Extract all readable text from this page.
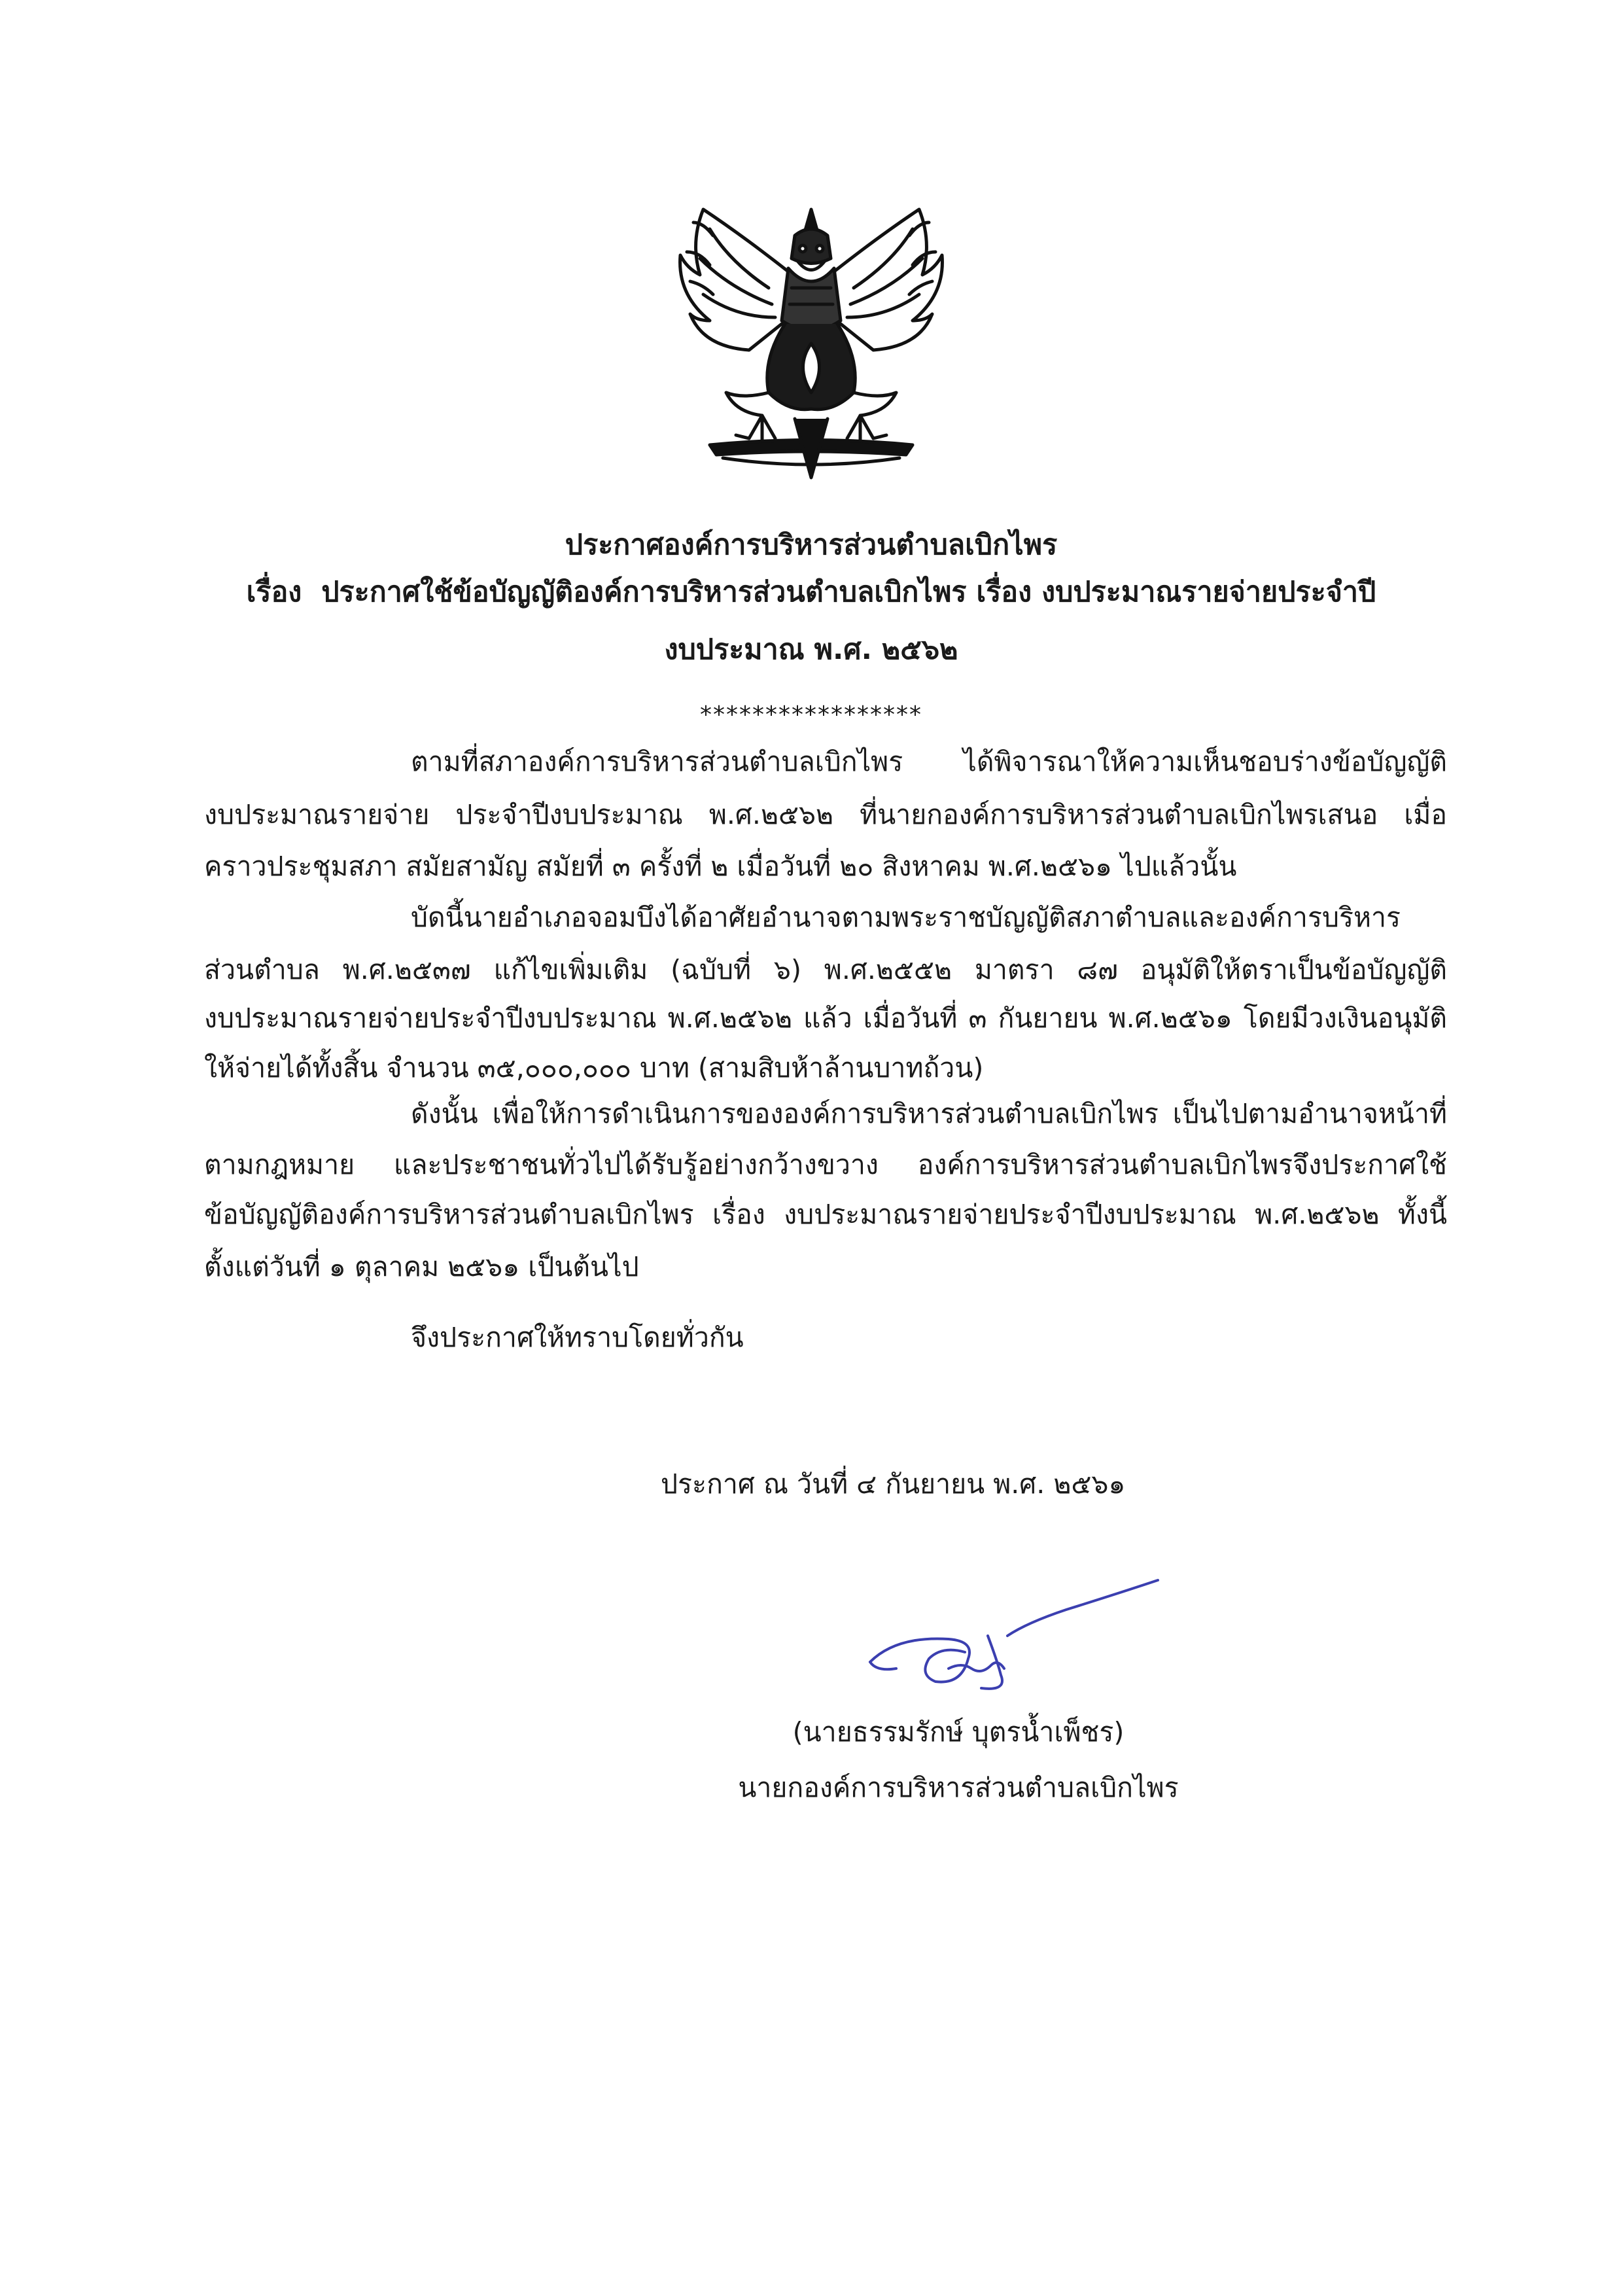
ประกาศองค์การบริหารส่วนตำบลเบิกไพร
เรื่อง ประกาศใช้ข้อบัญญัติองค์การบริหารส่วนตำบลเบิกไพร เรื่อง งบประมาณรายจ่ายประจำปี
งบประมาณ พ.ศ. ๒๕๖๒
*****************
ตามที่สภาองค์การบริหารส่วนตำบลเบิกไพร ได้พิจารณาให้ความเห็นชอบร่างข้อบัญญัติ
งบประมาณรายจ่าย ประจำปีงบประมาณ พ.ศ.๒๕๖๒ ที่นายกองค์การบริหารส่วนตำบลเบิกไพรเสนอ เมื่อ
คราวประชุมสภา สมัยสามัญ สมัยที่ ๓ ครั้งที่ ๒ เมื่อวันที่ ๒๐ สิงหาคม พ.ศ.๒๕๖๑ ไปแล้วนั้น
บัดนี้นายอำเภอจอมบึงได้อาศัยอำนาจตามพระราชบัญญัติสภาตำบลและองค์การบริหาร
ส่วนตำบล พ.ศ.๒๕๓๗ แก้ไขเพิ่มเติม (ฉบับที่ ๖) พ.ศ.๒๕๕๒ มาตรา ๘๗ อนุมัติให้ตราเป็นข้อบัญญัติ
งบประมาณรายจ่ายประจำปีงบประมาณ พ.ศ.๒๕๖๒ แล้ว เมื่อวันที่ ๓ กันยายน พ.ศ.๒๕๖๑ โดยมีวงเงินอนุมัติ
ให้จ่ายได้ทั้งสิ้น จำนวน ๓๕,๐๐๐,๐๐๐ บาท (สามสิบห้าล้านบาทถ้วน)
ดังนั้น เพื่อให้การดำเนินการขององค์การบริหารส่วนตำบลเบิกไพร เป็นไปตามอำนาจหน้าที่
ตามกฎหมาย และประชาชนทั่วไปได้รับรู้อย่างกว้างขวาง องค์การบริหารส่วนตำบลเบิกไพรจึงประกาศใช้
ข้อบัญญัติองค์การบริหารส่วนตำบลเบิกไพร เรื่อง งบประมาณรายจ่ายประจำปีงบประมาณ พ.ศ.๒๕๖๒ ทั้งนี้
ตั้งแต่วันที่ ๑ ตุลาคม ๒๕๖๑ เป็นต้นไป
จึงประกาศให้ทราบโดยทั่วกัน
ประกาศ ณ วันที่ ๔ กันยายน พ.ศ. ๒๕๖๑
(นายธรรมรักษ์ บุตรน้ำเพ็ชร)
นายกองค์การบริหารส่วนตำบลเบิกไพร
